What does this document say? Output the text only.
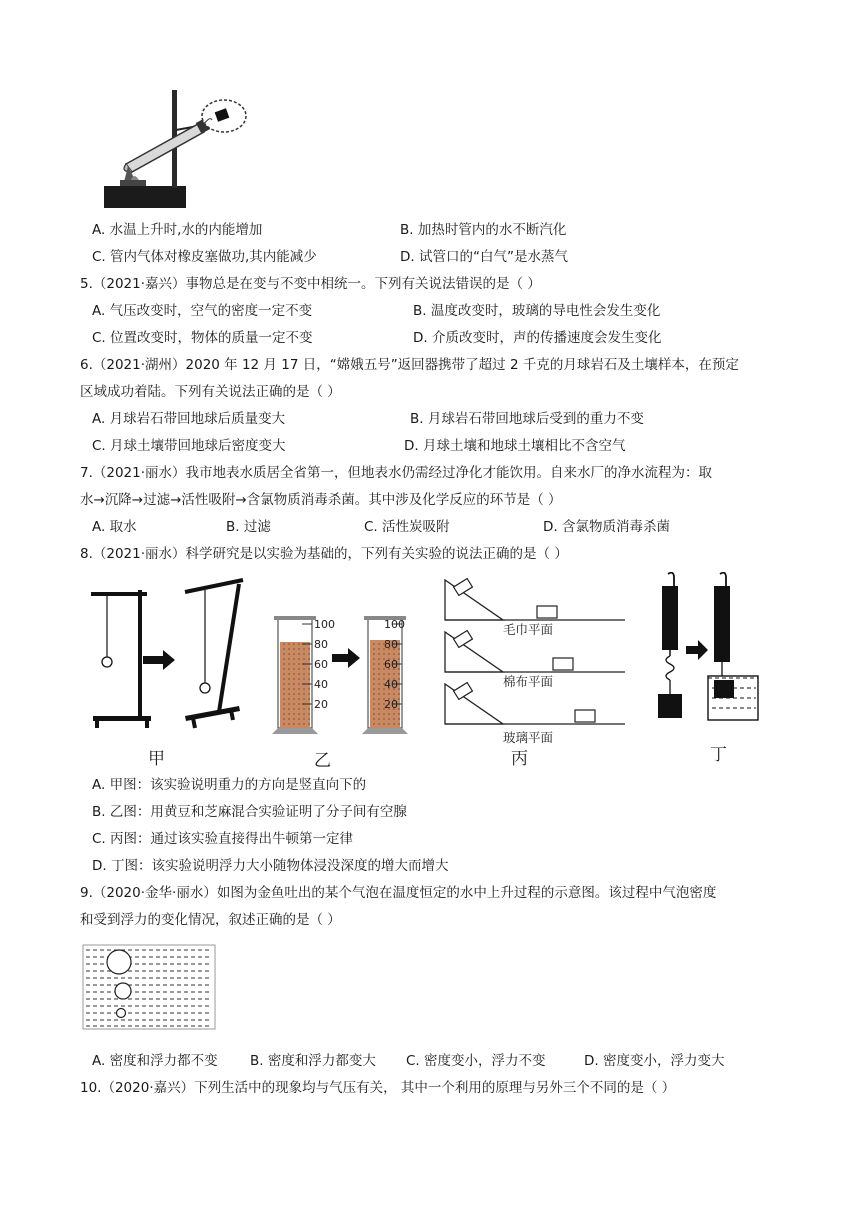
A. 水温上升时,水的内能增加	B. 加热时管内的水不断汽化
C. 管内气体对橡皮塞做功,其内能减少	D. 试管口的“白气”是水蒸气
5.（2021·嘉兴）事物总是在变与不变中相统一。下列有关说法错误的是（ ）
A. 气压改变时，空气的密度一定不变	B. 温度改变时，玻璃的导电性会发生变化
C. 位置改变时，物体的质量一定不变	D. 介质改变时，声的传播速度会发生变化
6.（2021·湖州）2020 年 12 月 17 日，“嫦娥五号”返回器携带了超过 2 千克的月球岩石及土壤样本，在预定
区域成功着陆。下列有关说法正确的是（ ）
A. 月球岩石带回地球后质量变大	B. 月球岩石带回地球后受到的重力不变
C. 月球土壤带回地球后密度变大	D. 月球土壤和地球土壤相比不含空气
7.（2021·丽水）我市地表水质居全省第一，但地表水仍需经过净化才能饮用。自来水厂的净水流程为：取
水→沉降→过滤→活性吸附→含氯物质消毒杀菌。其中涉及化学反应的环节是（ ）
A. 取水	B. 过滤	C. 活性炭吸附	D. 含氯物质消毒杀菌
8.（2021·丽水）科学研究是以实验为基础的，下列有关实验的说法正确的是（ ）
甲
100
80
60
40
20
100
80
60
40
20
乙
毛巾平面
棉布平面
玻璃平面
丙	丁
A. 甲图：该实验说明重力的方向是竖直向下的
B. 乙图：用黄豆和芝麻混合实验证明了分子间有空腺
C. 丙图：通过该实验直接得出牛顿第一定律
D. 丁图：该实验说明浮力大小随物体浸没深度的增大而增大
9.（2020·金华·丽水）如图为金鱼吐出的某个气泡在温度恒定的水中上升过程的示意图。该过程中气泡密度
和受到浮力的变化情况，叙述正确的是（ ）
A. 密度和浮力都不变 B. 密度和浮力都变大 C. 密度变小，浮力不变	D. 密度变小，浮力变大
10.（2020·嘉兴）下列生活中的现象均与气压有关， 其中一个利用的原理与另外三个不同的是（ ）
